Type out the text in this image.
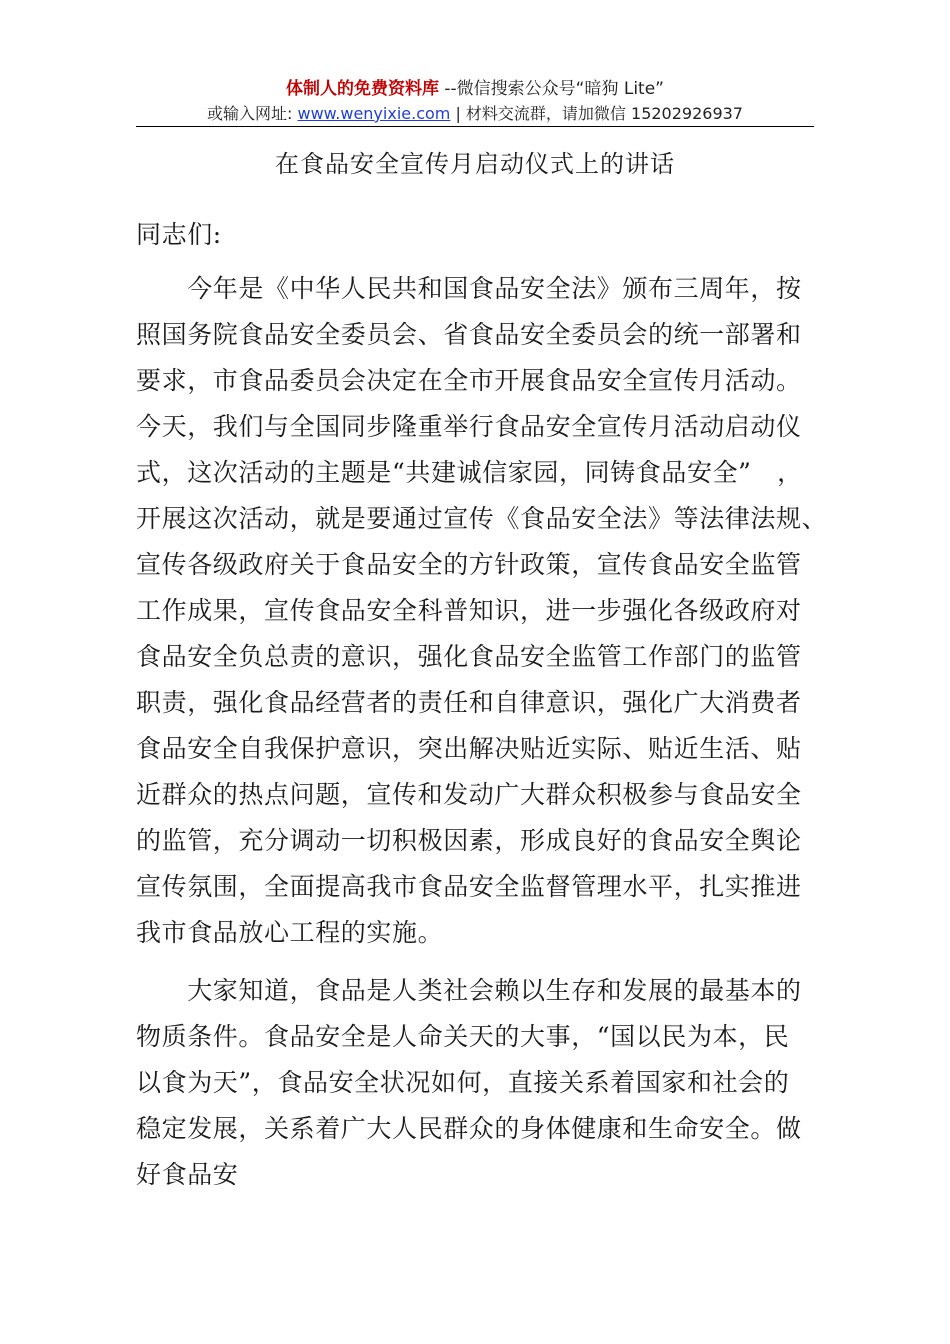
体制人的免费资料库 --微信搜索公众号“暗狗 Lite”
或输入网址: www.wenyixie.com | 材料交流群，请加微信 15202926937
在食品安全宣传月启动仪式上的讲话
同志们:
　　今年是《中华人民共和国食品安全法》颁布三周年，按
照国务院食品安全委员会、省食品安全委员会的统一部署和
要求，市食品委员会决定在全市开展食品安全宣传月活动。
今天，我们与全国同步隆重举行食品安全宣传月活动启动仪
式，这次活动的主题是“共建诚信家园，同铸食品安全”　，
开展这次活动，就是要通过宣传《食品安全法》等法律法规、
宣传各级政府关于食品安全的方针政策，宣传食品安全监管
工作成果，宣传食品安全科普知识，进一步强化各级政府对
食品安全负总责的意识，强化食品安全监管工作部门的监管
职责，强化食品经营者的责任和自律意识，强化广大消费者
食品安全自我保护意识，突出解决贴近实际、贴近生活、贴
近群众的热点问题，宣传和发动广大群众积极参与食品安全
的监管，充分调动一切积极因素，形成良好的食品安全舆论
宣传氛围，全面提高我市食品安全监督管理水平，扎实推进
我市食品放心工程的实施。
　　大家知道，食品是人类社会赖以生存和发展的最基本的
物质条件。食品安全是人命关天的大事，“国以民为本，民
以食为天”，食品安全状况如何，直接关系着国家和社会的
稳定发展，关系着广大人民群众的身体健康和生命安全。做
好食品安
